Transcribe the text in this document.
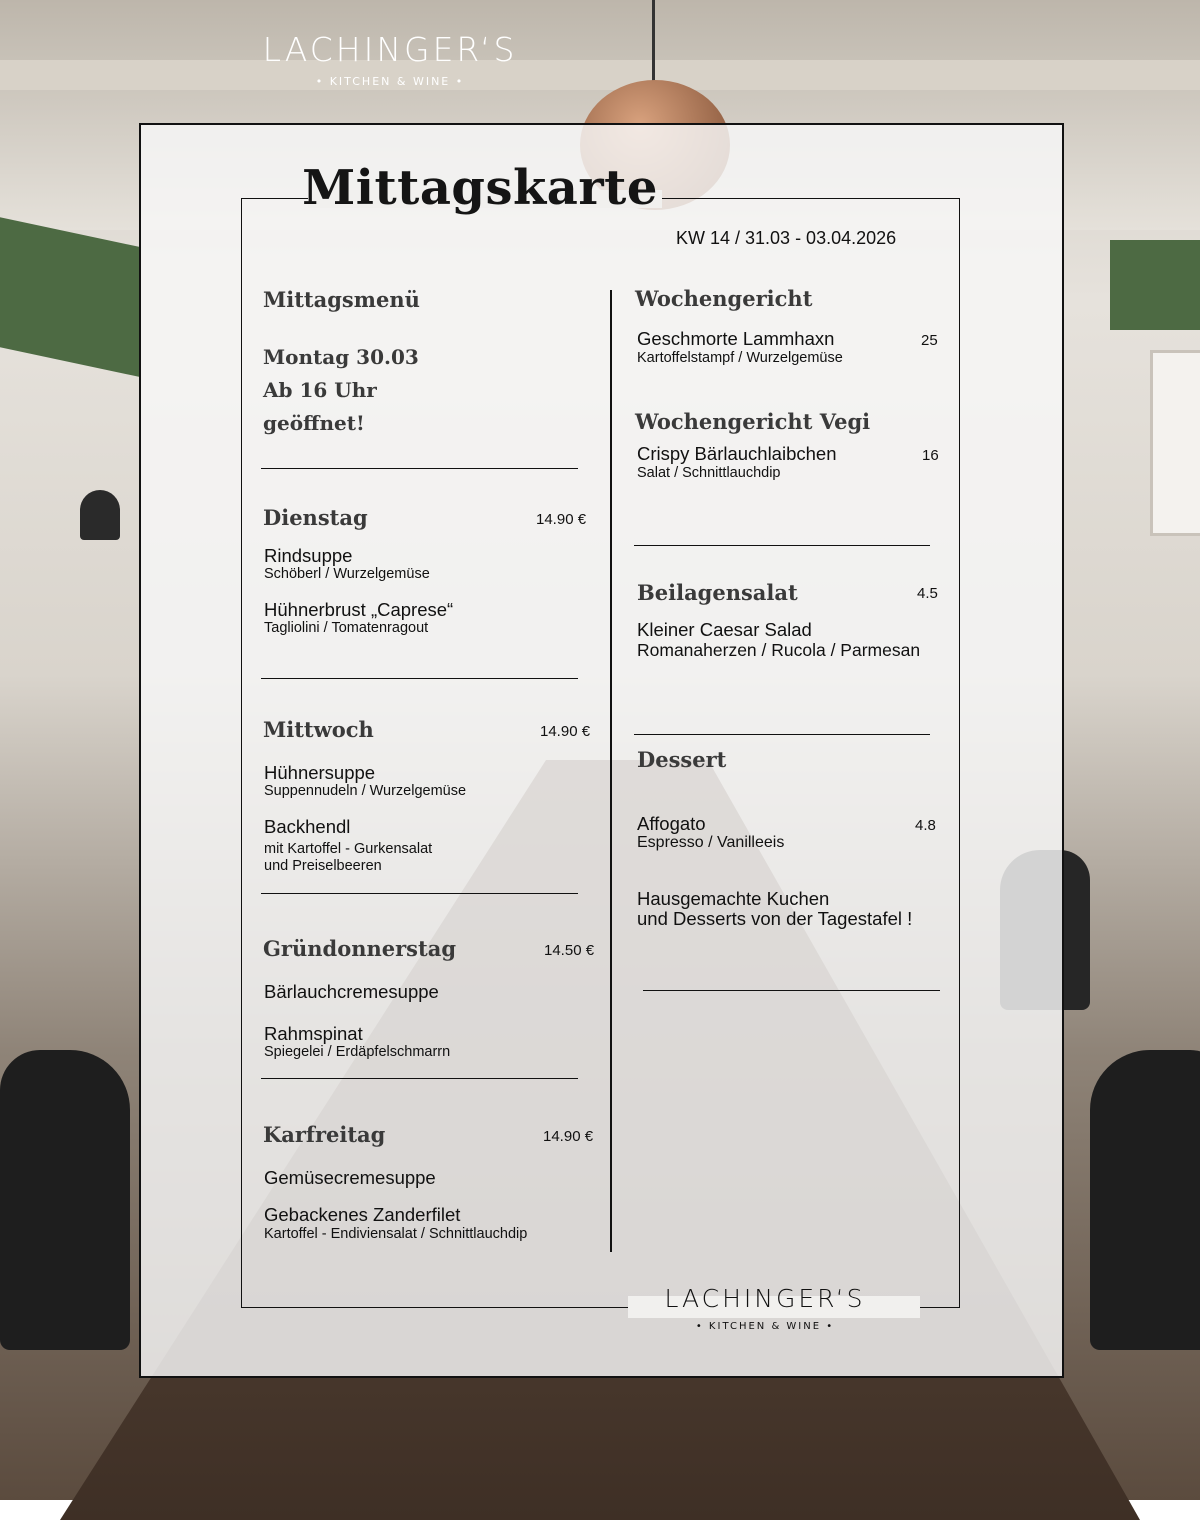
LACHINGER‘S
• KITCHEN & WINE •
Mittagskarte
KW 14 / 31.03 - 03.04.2026
Mittagsmenü
Montag 30.03
Ab 16 Uhr
geöffnet!
Dienstag	14.90 €
Rindsuppe
Schöberl / Wurzelgemüse
Hühnerbrust „Caprese“
Tagliolini / Tomatenragout
Mittwoch	14.90 €
Hühnersuppe
Suppennudeln / Wurzelgemüse
Backhendl
mit Kartoffel - Gurkensalat
und Preiselbeeren
Gründonnerstag	14.50 €
Bärlauchcremesuppe
Rahmspinat
Spiegelei / Erdäpfelschmarrn
Karfreitag	14.90 €
Gemüsecremesuppe
Gebackenes Zanderfilet
Kartoffel - Endiviensalat / Schnittlauchdip
Wochengericht
Geschmorte Lammhaxn	25
Kartoffelstampf / Wurzelgemüse
Wochengericht Vegi
Crispy Bärlauchlaibchen	16
Salat / Schnittlauchdip
Beilagensalat	4.5
Kleiner Caesar Salad
Romanaherzen / Rucola / Parmesan
Dessert
Affogato	4.8
Espresso / Vanilleeis
Hausgemachte Kuchen
und Desserts von der Tagestafel !
LACHINGER‘S
• KITCHEN & WINE •
